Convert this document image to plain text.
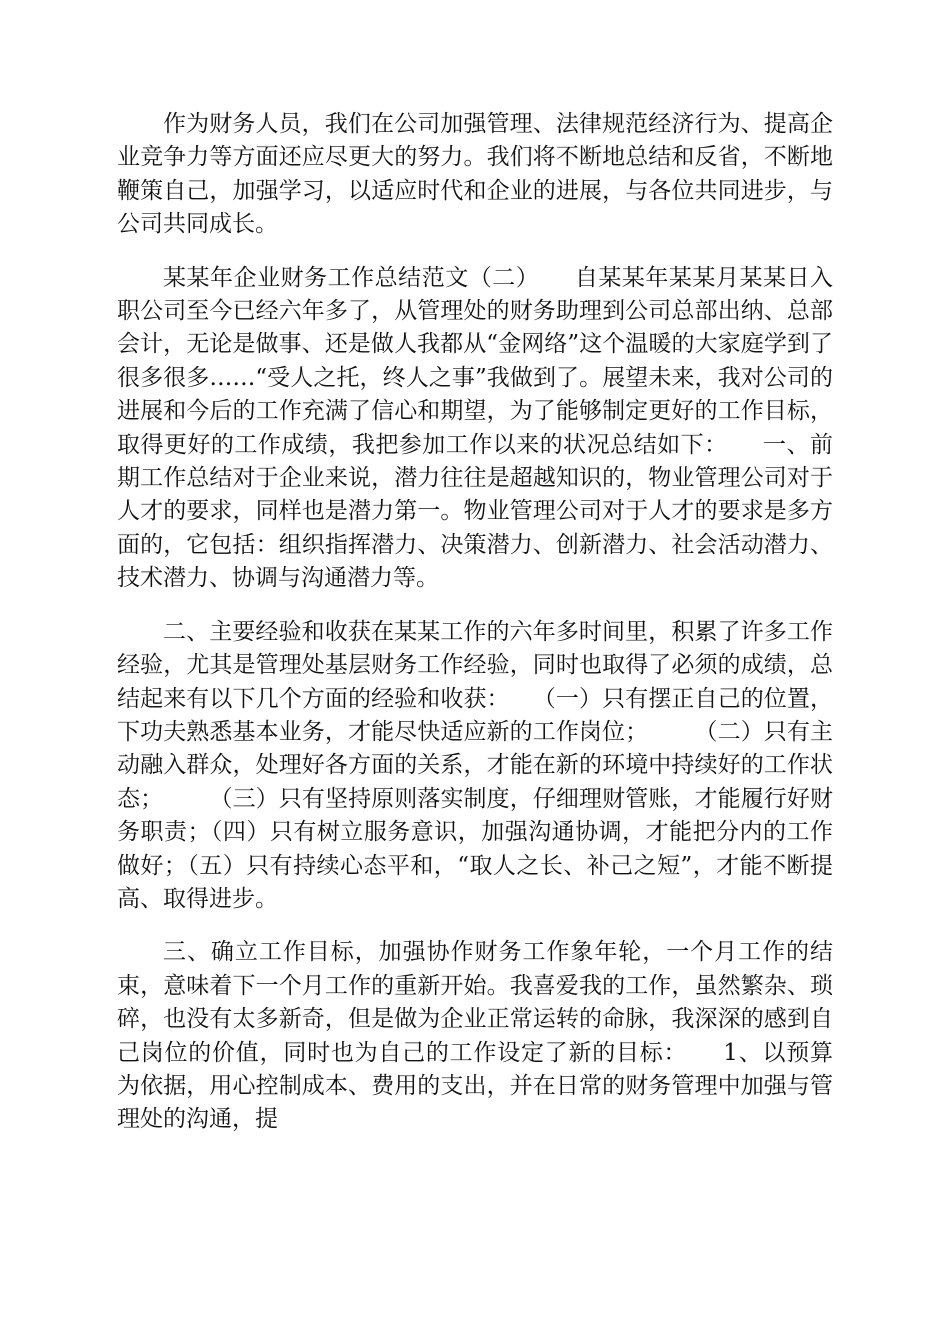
作为财务人员，我们在公司加强管理、法律规范经济行为、提高企业竞争力等方面还应尽更大的努力。我们将不断地总结和反省，不断地鞭策自己，加强学习，以适应时代和企业的进展，与各位共同进步，与公司共同成长。

某某年企业财务工作总结范文（二）　　自某某年某某月某某日入职公司至今已经六年多了，从管理处的财务助理到公司总部出纳、总部会计，无论是做事、还是做人我都从“金网络”这个温暖的大家庭学到了很多很多……“受人之托，终人之事”我做到了。展望未来，我对公司的进展和今后的工作充满了信心和期望，为了能够制定更好的工作目标，取得更好的工作成绩，我把参加工作以来的状况总结如下：　　一、前期工作总结对于企业来说，潜力往往是超越知识的，物业管理公司对于人才的要求，同样也是潜力第一。物业管理公司对于人才的要求是多方面的，它包括：组织指挥潜力、决策潜力、创新潜力、社会活动潜力、技术潜力、协调与沟通潜力等。

二、主要经验和收获在某某工作的六年多时间里，积累了许多工作经验，尤其是管理处基层财务工作经验，同时也取得了必须的成绩，总结起来有以下几个方面的经验和收获：　　（一）只有摆正自己的位置，下功夫熟悉基本业务，才能尽快适应新的工作岗位；　　　（二）只有主动融入群众，处理好各方面的关系，才能在新的环境中持续好的工作状态；　　　（三）只有坚持原则落实制度，仔细理财管账，才能履行好财务职责；（四）只有树立服务意识，加强沟通协调，才能把分内的工作做好；（五）只有持续心态平和，“取人之长、补己之短”，才能不断提高、取得进步。

三、确立工作目标，加强协作财务工作象年轮，一个月工作的结束，意味着下一个月工作的重新开始。我喜爱我的工作，虽然繁杂、琐碎，也没有太多新奇，但是做为企业正常运转的命脉，我深深的感到自己岗位的价值，同时也为自己的工作设定了新的目标：　　1、以预算为依据，用心控制成本、费用的支出，并在日常的财务管理中加强与管理处的沟通，提
